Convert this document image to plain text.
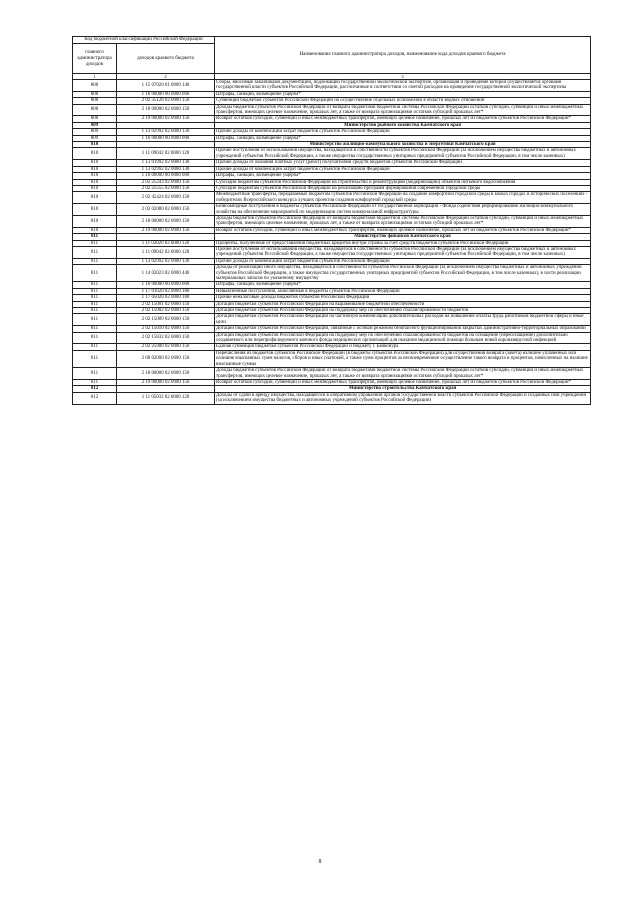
Код бюджетной классификации Российской Федерации		Наименование главного администратора доходов, наименование кода доходов краевого бюджета
главного администратора доходов	доходов краевого бюджета	
1	2	3
808	1 15 07020 01 0000 140	Сборы, вносимые заказчиками документации, подлежащей государственной экологической экспертизе, организация и проведение которой осуществляется органами государственной власти субъектов Российской Федерации, рассчитанные в соответствии со сметой расходов на проведение государственной экологической экспертизы
808	1 16 00000 00 0000 000	Штрафы, санкции, возмещение ущерба*
808	2 02 35128 02 0000 150	Субвенции бюджетам субъектов Российской Федерации на осуществление отдельных полномочий в области водных отношений
808	2 18 00000 02 0000 150	Доходы бюджетов субъектов Российской Федерации от возврата бюджетами бюджетной системы Российской Федерации остатков субсидий, субвенций и иных межбюджетных трансфертов, имеющих целевое назначение, прошлых лет, а также от возврата организациями остатков субсидий прошлых лет*
808	2 19 00000 02 0000 150	Возврат остатков субсидий, субвенций и иных межбюджетных трансфертов, имеющих целевое назначение, прошлых лет из бюджетов субъектов Российской Федерации*
809		Министерство рыбного хозяйства Камчатского края
809	1 13 02992 02 0000 130	Прочие доходы от компенсации затрат бюджетов субъектов Российской Федерации
809	1 16 00000 00 0000 000	Штрафы, санкции, возмещение ущерба*
810		Министерство жилищно-коммунального хозяйства и энергетики Камчатского края
810	1 11 09042 02 0000 120	Прочие поступления от использования имущества, находящегося в собственности субъектов Российской Федерации (за исключением имущества бюджетных и автономных учреждений субъектов Российской Федерации, а также имущества государственных унитарных предприятий субъектов Российской Федерации, в том числе казенных)
810	1 13 01992 02 0000 130	Прочие доходы от оказания платных услуг (работ) получателями средств бюджетов субъектов Российской Федерации
810	1 13 02992 02 0000 130	Прочие доходы от компенсации затрат бюджетов субъектов Российской Федерации
810	1 16 00000 00 0000 000	Штрафы, санкции, возмещение ущерба*
810	2 02 25243 02 0000 150	Субсидии бюджетам субъектов Российской Федерации на строительство и реконструкцию (модернизацию) объектов питьевого водоснабжения
810	2 02 25555 02 0000 150	Субсидии бюджетам субъектов Российской Федерации на реализацию программ формирования современной городской среды
810	2 02 45424 02 0000 150	Межбюджетные трансферты, передаваемые бюджетам субъектов Российской Федерации на создание комфортной городской среды в малых городах и исторических поселениях - победителях Всероссийского конкурса лучших проектов создания комфортной городской среды
810	2 03 02080 02 0000 150	Безвозмездные поступления в бюджеты субъектов Российской Федерации от государственной корпорации - Фонда содействия реформированию жилищно-коммунального хозяйства на обеспечение мероприятий по модернизации систем коммунальной инфраструктуры
810	2 18 00000 02 0000 150	Доходы бюджетов субъектов Российской Федерации от возврата бюджетами бюджетной системы Российской Федерации остатков субсидий, субвенций и иных межбюджетных трансфертов, имеющих целевое назначение, прошлых лет, а также от возврата организациями остатков субсидий прошлых лет*
810	2 19 00000 02 0000 150	Возврат остатков субсидий, субвенций и иных межбюджетных трансфертов, имеющих целевое назначение, прошлых лет из бюджетов субъектов Российской Федерации*
811		Министерство финансов Камчатского края
811	1 11 03020 02 0000 120	Проценты, полученные от предоставления бюджетных кредитов внутри страны за счет средств бюджетов субъектов Российской Федерации
811	1 11 09042 02 0000 120	Прочие поступления от использования имущества, находящегося в собственности субъектов Российской Федерации (за исключением имущества бюджетных и автономных учреждений субъектов Российской Федерации, а также имущества государственных унитарных предприятий субъектов Российской Федерации, в том числе казенных)
811	1 13 02992 02 0000 130	Прочие доходы от компенсации затрат бюджетов субъектов Российской Федерации
811	1 14 02023 02 0000 440	Доходы от реализации иного имущества, находящегося в собственности субъектов Российской Федерации (за исключением имущества бюджетных и автономных учреждений субъектов Российской Федерации, а также имущества государственных унитарных предприятий субъектов Российской Федерации, в том числе казенных), в части реализации материальных запасов по указанному имуществу
811	1 16 00000 00 0000 000	Штрафы, санкции, возмещение ущерба*
811	1 17 01020 02 0000 180	Невыясненные поступления, зачисляемые в бюджеты субъектов Российской Федерации
811	1 17 05020 02 0000 180	Прочие неналоговые доходы бюджетов субъектов Российской Федерации
811	2 02 15001 02 0000 150	Дотации бюджетам субъектов Российской Федерации на выравнивание бюджетной обеспеченности
811	2 02 15002 02 0000 150	Дотации бюджетам субъектов Российской Федерации на поддержку мер по обеспечению сбалансированности бюджетов
811	2 02 15009 02 0000 150	Дотации бюджетам субъектов Российской Федерации на частичную компенсацию дополнительных расходов на повышение оплаты труда работников бюджетной сферы и иные цели
811	2 02 15010 02 0000 150	Дотации бюджетам субъектов Российской Федерации, связанные с особым режимом безопасного функционирования закрытых административно-территориальных образований
811	2 02 15832 02 0000 150	Дотации бюджетам субъектов Российской Федерации на поддержку мер по обеспечению сбалансированности бюджетов на оснащение (переоснащение) дополнительно создаваемого или перепрофилируемого коечного фонда медицинских организаций для оказания медицинской помощи больным новой коронавирусной инфекцией
811	2 02 25900 02 0000 150	Единая субвенция бюджетам субъектов Российской Федерации и бюджету г. Байконура
811	2 08 02000 02 0000 150	Перечисления из бюджетов субъектов Российской Федерации (в бюджеты субъектов Российской Федерации) для осуществления возврата (зачета) излишне уплаченных или излишне взысканных сумм налогов, сборов и иных платежей, а также сумм процентов за несвоевременное осуществление такого возврата и процентов, начисленных на излишне взысканные суммы
811	2 18 00000 02 0000 150	Доходы бюджетов субъектов Российской Федерации от возврата бюджетами бюджетной системы Российской Федерации остатков субсидий, субвенций и иных межбюджетных трансфертов, имеющих целевое назначение, прошлых лет, а также от возврата организациями остатков субсидий прошлых лет*
811	2 19 00000 02 0000 150	Возврат остатков субсидий, субвенций и иных межбюджетных трансфертов, имеющих целевое назначение, прошлых лет из бюджетов субъектов Российской Федерации*
812		Министерство строительства Камчатского края
812	1 11 05032 02 0000 120	Доходы от сдачи в аренду имущества, находящегося в оперативном управлении органов государственной власти субъектов Российской Федерации и созданных ими учреждений (за исключением имущества бюджетных и автономных учреждений субъектов Российской Федерации)
8
